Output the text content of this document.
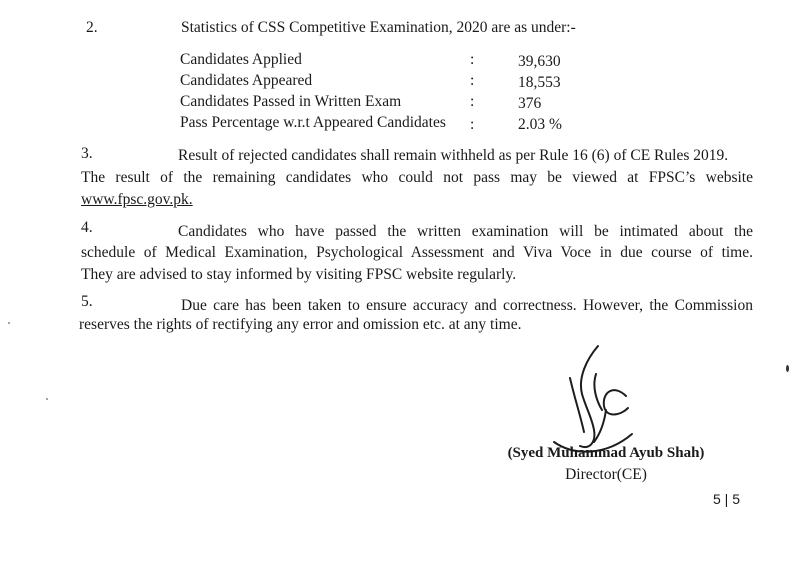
2.	Statistics of CSS Competitive Examination, 2020 are as under:-
Candidates Applied	:	39,630
Candidates Appeared	:	18,553
Candidates Passed in Written Exam	:	376
Pass Percentage w.r.t Appeared Candidates :	2.03 %
3.	Result of rejected candidates shall remain withheld as per Rule 16 (6) of CE Rules 2019.
The result of the remaining candidates who could not pass may be viewed at FPSC’s website
www.fpsc.gov.pk.
4.	Candidates who have passed the written examination will be intimated about the
schedule of Medical Examination, Psychological Assessment and Viva Voce in due course of time.
They are advised to stay informed by visiting FPSC website regularly.
5.	Due care has been taken to ensure accuracy and correctness. However, the Commission
reserves the rights of rectifying any error and omission etc. at any time.
(Syed Muhammad Ayub Shah)
Director(CE)
5 | 5
